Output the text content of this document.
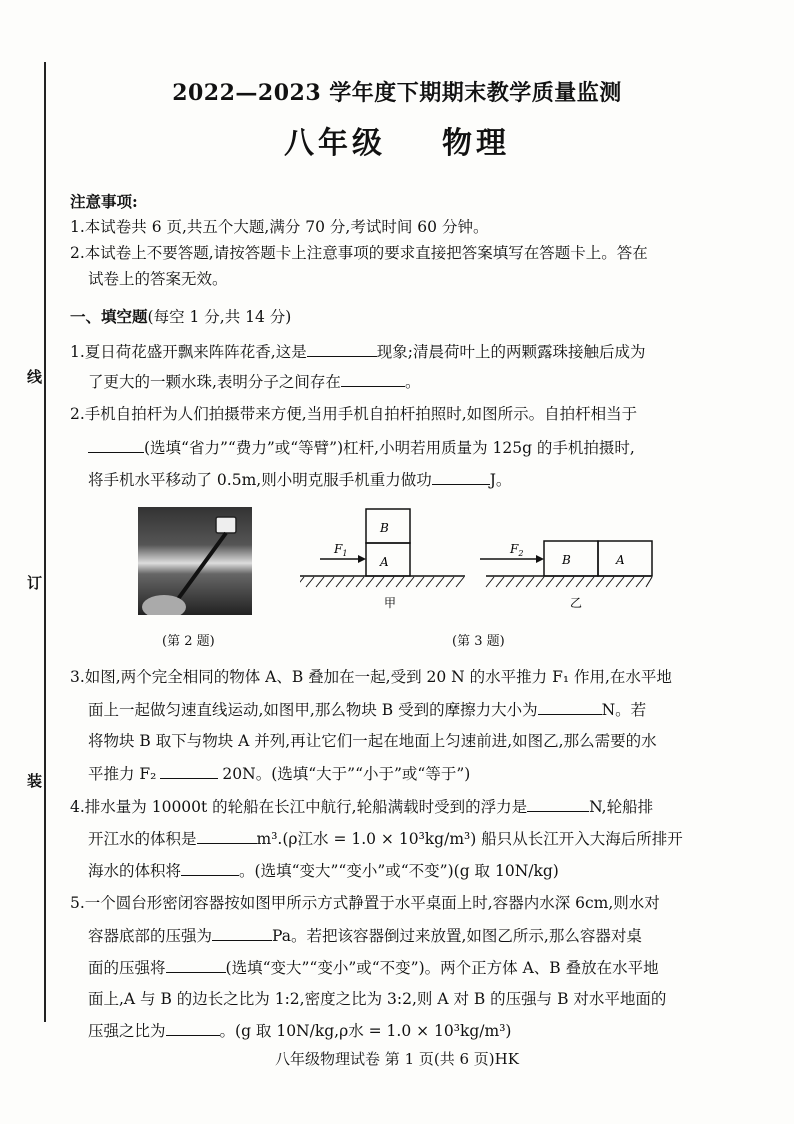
线
订
装
2022—2023 学年度下期期末教学质量监测
八年级 物理
注意事项:
1.本试卷共 6 页,共五个大题,满分 70 分,考试时间 60 分钟。
2.本试卷上不要答题,请按答题卡上注意事项的要求直接把答案填写在答题卡上。答在
试卷上的答案无效。
一、填空题(每空 1 分,共 14 分)
1.夏日荷花盛开飘来阵阵花香,这是	现象;清晨荷叶上的两颗露珠接触后成为
了更大的一颗水珠,表明分子之间存在	。
2.手机自拍杆为人们拍摄带来方便,当用手机自拍杆拍照时,如图所示。自拍杆相当于
(选填“省力”“费力”或“等臂”)杠杆,小明若用质量为 125g 的手机拍摄时,
将手机水平移动了 0.5m,则小明克服手机重力做功	J。
(第 2 题)
B
A
$F_1$
甲
B	A
$F_2$
乙
(第 3 题)
3.如图,两个完全相同的物体 A、B 叠加在一起,受到 20 N 的水平推力 F₁ 作用,在水平地
面上一起做匀速直线运动,如图甲,那么物块 B 受到的摩擦力大小为	N。若
将物块 B 取下与物块 A 并列,再让它们一起在地面上匀速前进,如图乙,那么需要的水
平推力 F₂	20N。(选填“大于”“小于”或“等于”)
4.排水量为 10000t 的轮船在长江中航行,轮船满载时受到的浮力是	N,轮船排
开江水的体积是	m³.(ρ江水 = 1.0 × 10³kg/m³) 船只从长江开入大海后所排开
海水的体积将	。(选填“变大”“变小”或“不变”)(g 取 10N/kg)
5.一个圆台形密闭容器按如图甲所示方式静置于水平桌面上时,容器内水深 6cm,则水对
容器底部的压强为	Pa。若把该容器倒过来放置,如图乙所示,那么容器对桌
面的压强将	(选填“变大”“变小”或“不变”)。两个正方体 A、B 叠放在水平地
面上,A 与 B 的边长之比为 1:2,密度之比为 3:2,则 A 对 B 的压强与 B 对水平地面的
压强之比为	。(g 取 10N/kg,ρ水 = 1.0 × 10³kg/m³)
八年级物理试卷 第 1 页(共 6 页)HK
